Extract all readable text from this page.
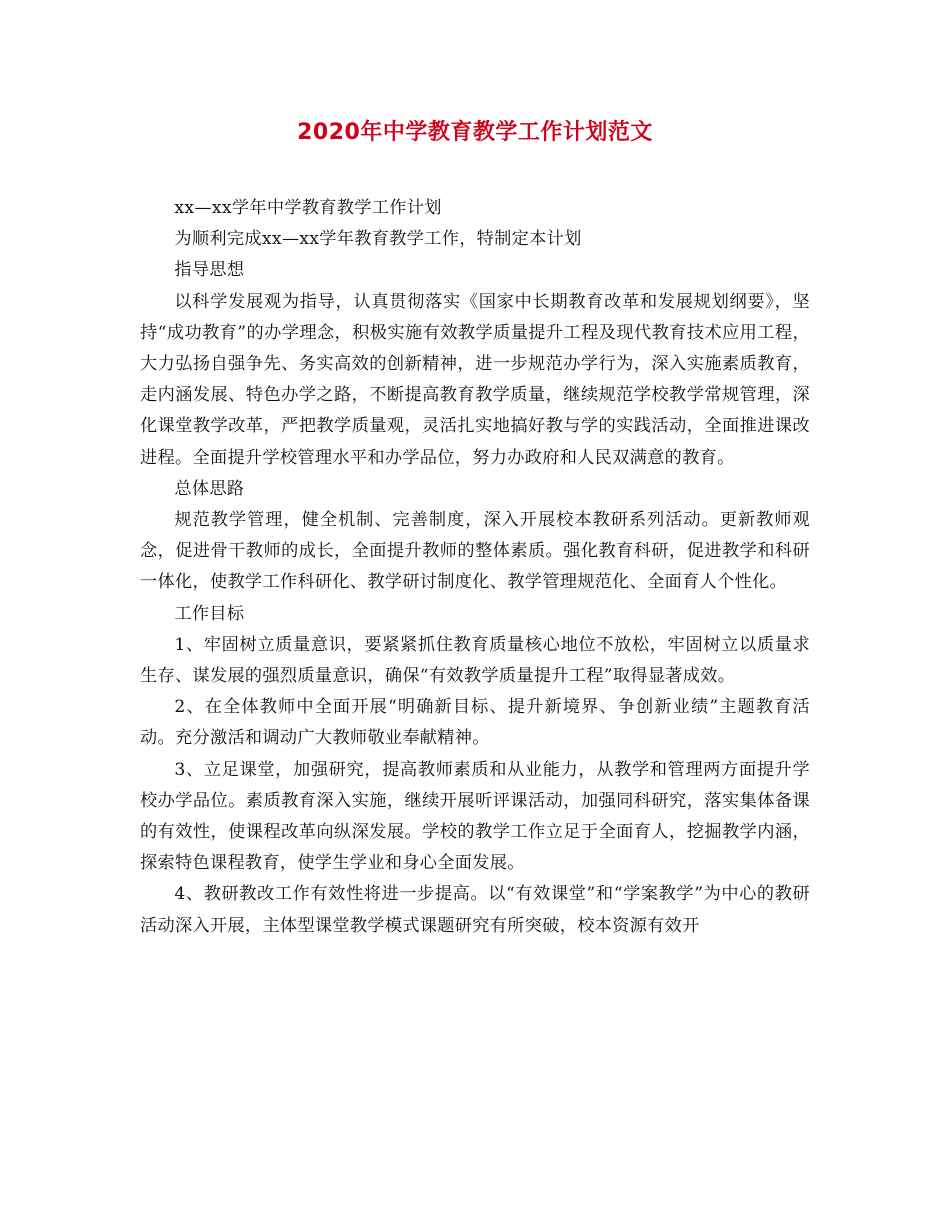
2020年中学教育教学工作计划范文

xx—xx学年中学教育教学工作计划

为顺利完成xx—xx学年教育教学工作，特制定本计划

指导思想

以科学发展观为指导，认真贯彻落实《国家中长期教育改革和发展规划纲要》，坚持“成功教育”的办学理念，积极实施有效教学质量提升工程及现代教育技术应用工程，大力弘扬自强争先、务实高效的创新精神，进一步规范办学行为，深入实施素质教育，走内涵发展、特色办学之路，不断提高教育教学质量，继续规范学校教学常规管理，深化课堂教学改革，严把教学质量观，灵活扎实地搞好教与学的实践活动，全面推进课改进程。全面提升学校管理水平和办学品位，努力办政府和人民双满意的教育。

总体思路

规范教学管理，健全机制、完善制度，深入开展校本教研系列活动。更新教师观念，促进骨干教师的成长，全面提升教师的整体素质。强化教育科研，促进教学和科研一体化，使教学工作科研化、教学研讨制度化、教学管理规范化、全面育人个性化。

工作目标

1、牢固树立质量意识，要紧紧抓住教育质量核心地位不放松，牢固树立以质量求生存、谋发展的强烈质量意识，确保“有效教学质量提升工程”取得显著成效。

2、在全体教师中全面开展“明确新目标、提升新境界、争创新业绩”主题教育活动。充分激活和调动广大教师敬业奉献精神。

3、立足课堂，加强研究，提高教师素质和从业能力，从教学和管理两方面提升学校办学品位。素质教育深入实施，继续开展听评课活动，加强同科研究，落实集体备课的有效性，使课程改革向纵深发展。学校的教学工作立足于全面育人，挖掘教学内涵，探索特色课程教育，使学生学业和身心全面发展。

4、教研教改工作有效性将进一步提高。以“有效课堂”和“学案教学”为中心的教研活动深入开展，主体型课堂教学模式课题研究有所突破，校本资源有效开
